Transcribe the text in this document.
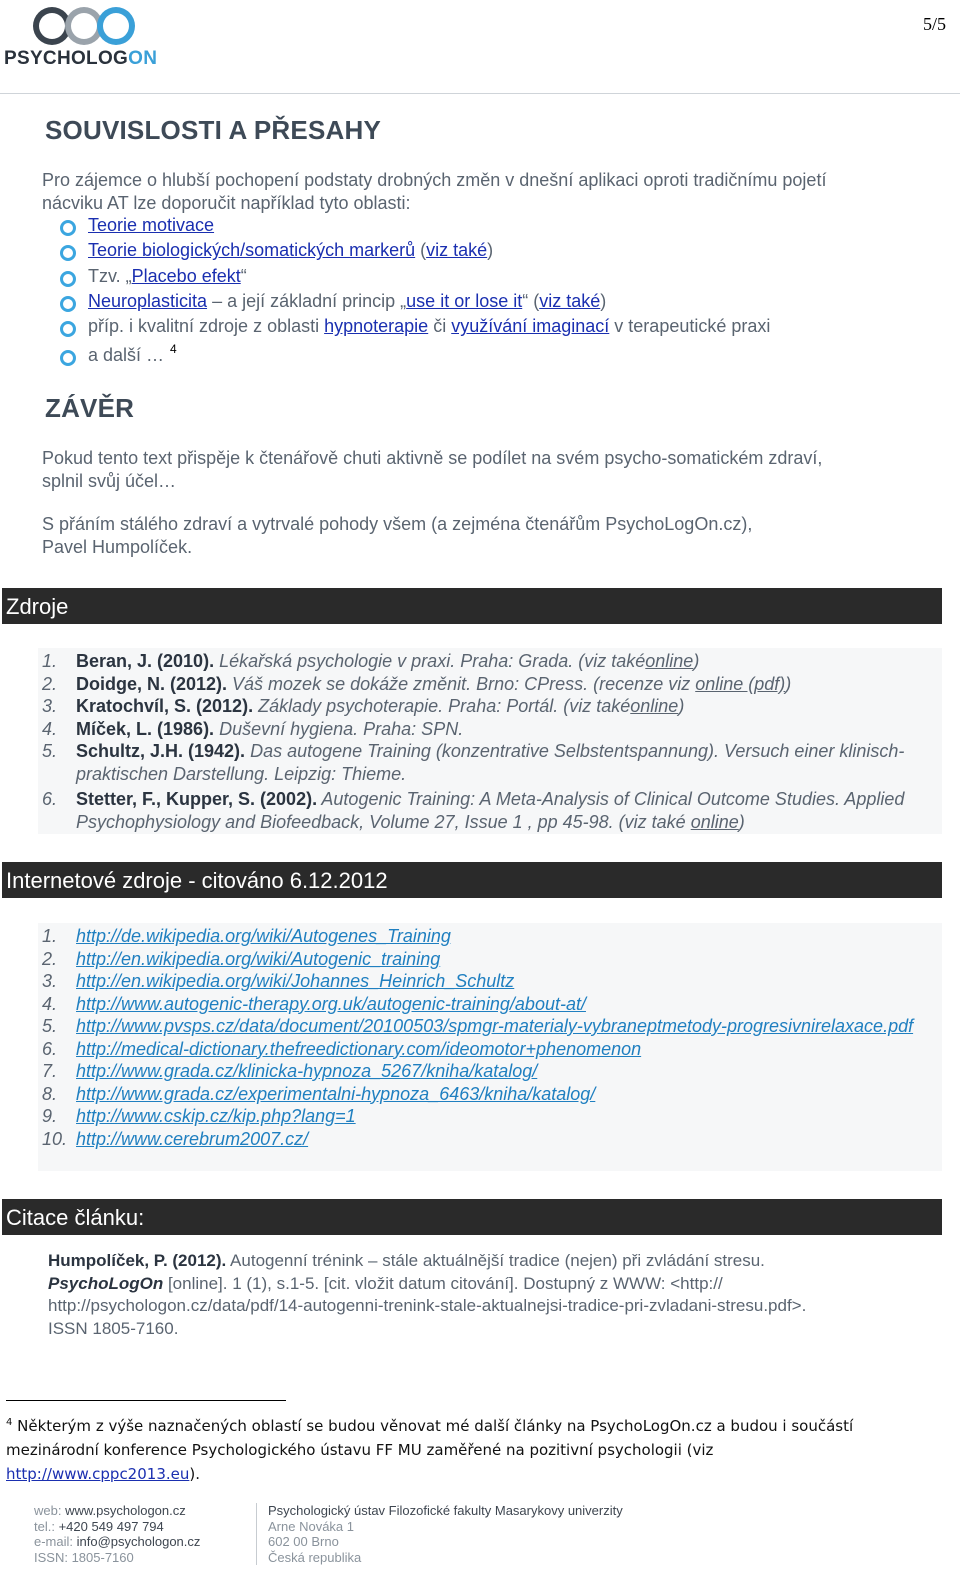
PSYCHOLOGON
5/5
SOUVISLOSTI A PŘESAHY
Pro zájemce o hlubší pochopení podstaty drobných změn v dnešní aplikaci oproti tradičnímu pojetí
nácviku AT lze doporučit například tyto oblasti:
Teorie motivace
Teorie biologických/somatických markerů (viz také)
Tzv. „Placebo efekt“
Neuroplasticita – a její základní princip „use it or lose it“ (viz také)
příp. i kvalitní zdroje z oblasti hypnoterapie či využívání imaginací v terapeutické praxi
a další … $^4$
ZÁVĚR
Pokud tento text přispěje k čtenářově chuti aktivně se podílet na svém psycho-somatickém zdraví,
splnil svůj účel…
S přáním stálého zdraví a vytrvalé pohody všem (a zejména čtenářům PsychoLogOn.cz),
Pavel Humpolíček.
Zdroje
1. Beran, J. (2010). Lékařská psychologie v praxi. Praha: Grada. (viz takéonline)
2. Doidge, N. (2012). Váš mozek se dokáže změnit. Brno: CPress. (recenze viz online (pdf))
3. Kratochvíl, S. (2012). Základy psychoterapie. Praha: Portál. (viz takéonline)
4. Míček, L. (1986). Duševní hygiena. Praha: SPN.
5. Schultz, J.H. (1942). Das autogene Training (konzentrative Selbstentspannung). Versuch einer klinisch-praktischen Darstellung. Leipzig: Thieme.
6. Stetter, F., Kupper, S. (2002). Autogenic Training: A Meta-Analysis of Clinical Outcome Studies. Applied Psychophysiology and Biofeedback, Volume 27, Issue 1 , pp 45-98. (viz také online)
Internetové zdroje - citováno 6.12.2012
1. http://de.wikipedia.org/wiki/Autogenes_Training
2. http://en.wikipedia.org/wiki/Autogenic_training
3. http://en.wikipedia.org/wiki/Johannes_Heinrich_Schultz
4. http://www.autogenic-therapy.org.uk/autogenic-training/about-at/
5. http://www.pvsps.cz/data/document/20100503/spmgr-materialy-vybraneptmetody-progresivnirelaxace.pdf
6. http://medical-dictionary.thefreedictionary.com/ideomotor+phenomenon
7. http://www.grada.cz/klinicka-hypnoza_5267/kniha/katalog/
8. http://www.grada.cz/experimentalni-hypnoza_6463/kniha/katalog/
9. http://www.cskip.cz/kip.php?lang=1
10. http://www.cerebrum2007.cz/
Citace článku:
Humpolíček, P. (2012). Autogenní trénink – stále aktuálnější tradice (nejen) při zvládání stresu.
PsychoLogOn [online]. 1 (1), s.1-5. [cit. vložit datum citování]. Dostupný z WWW: <http://
http://psychologon.cz/data/pdf/14-autogenni-trenink-stale-aktualnejsi-tradice-pri-zvladani-stresu.pdf>.
ISSN 1805-7160.
$^4$ Některým z výše naznačených oblastí se budou věnovat mé další články na PsychoLogOn.cz a budou i součástí
mezinárodní konference Psychologického ústavu FF MU zaměřené na pozitivní psychologii (viz
http://www.cppc2013.eu).
web: www.psychologon.cz
tel.: +420 549 497 794
e-mail: info@psychologon.cz
ISSN: 1805-7160
Psychologický ústav Filozofické fakulty Masarykovy univerzity
Arne Nováka 1
602 00 Brno
Česká republika
